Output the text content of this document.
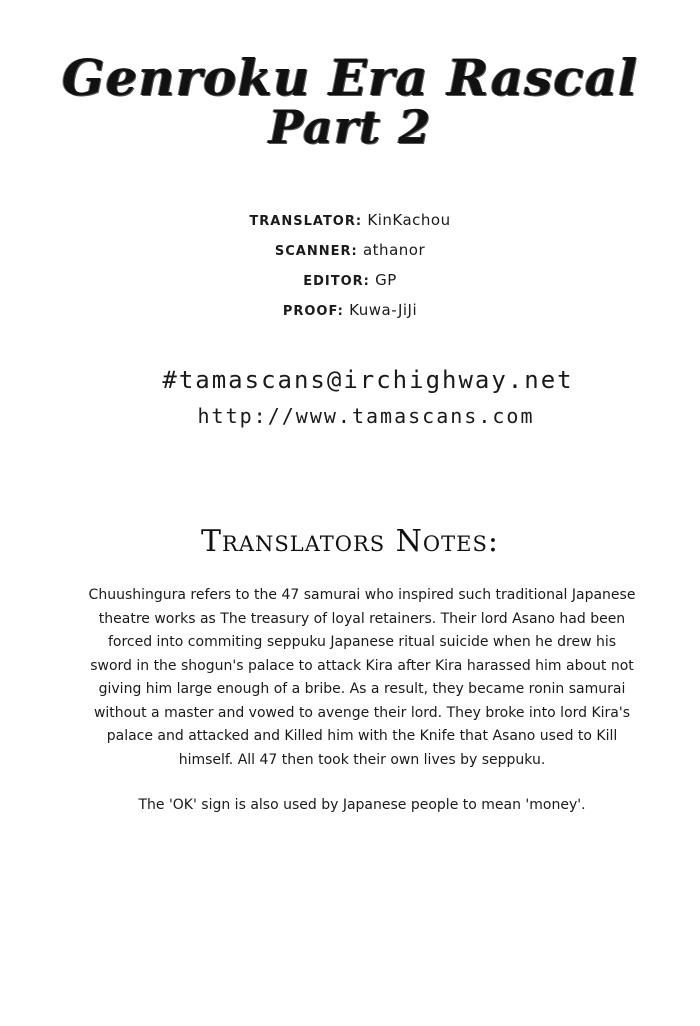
Genroku Era Rascal
Part 2
TRANSLATOR: KinKachou
SCANNER: athanor
EDITOR: GP
PROOF: Kuwa-JiJi
#tamascans@irchighway.net
http://www.tamascans.com
Translators Notes:

Chuushingura refers to the 47 samurai who inspired such traditional Japanese theatre works as The treasury of loyal retainers. Their lord Asano had been forced into commiting seppuku Japanese ritual suicide when he drew his sword in the shogun's palace to attack Kira after Kira harassed him about not giving him large enough of a bribe. As a result, they became ronin samurai without a master and vowed to avenge their lord. They broke into lord Kira's palace and attacked and Killed him with the Knife that Asano used to Kill himself. All 47 then took their own lives by seppuku.

The 'OK' sign is also used by Japanese people to mean 'money'.
